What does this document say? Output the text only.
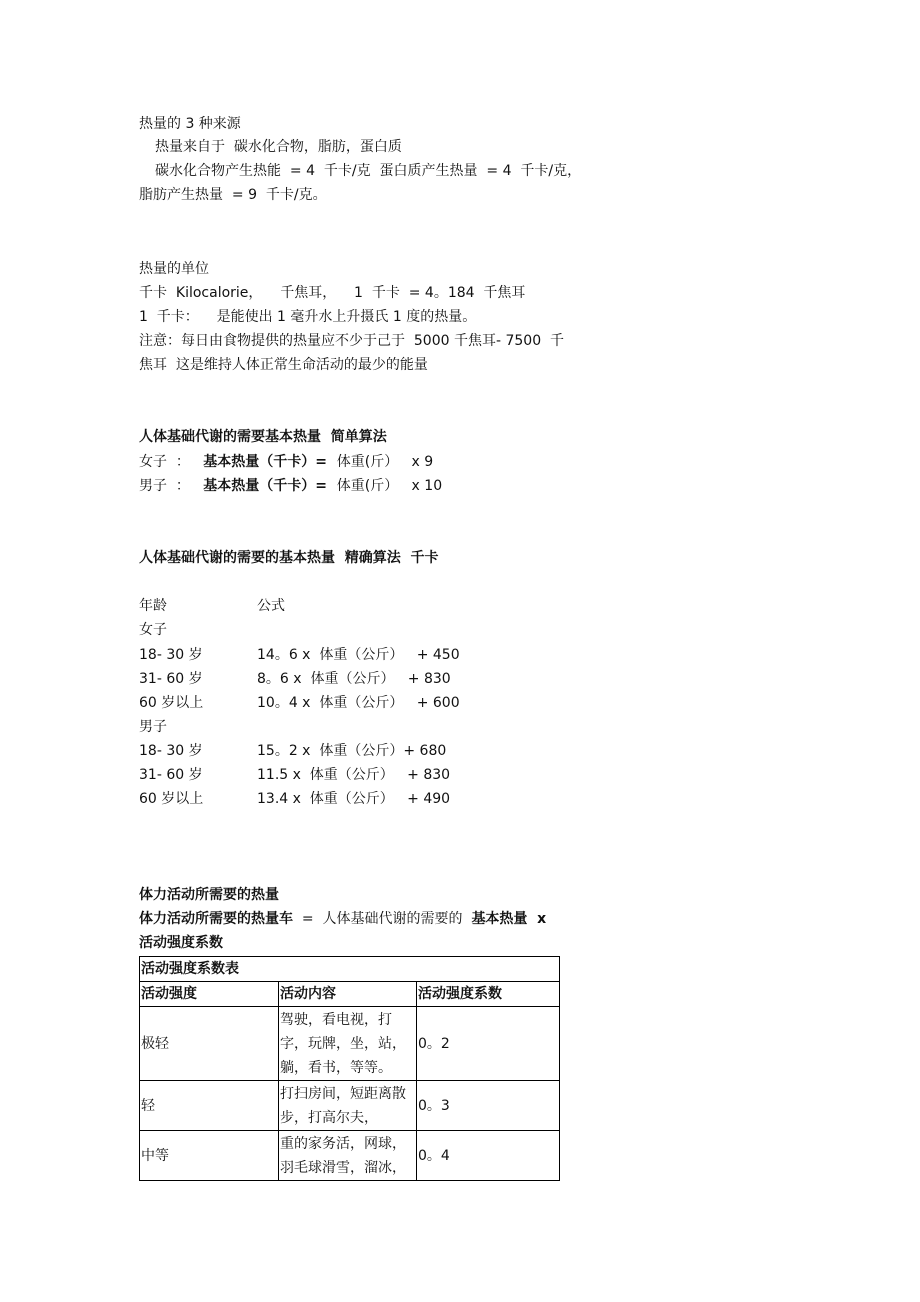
热量的 3 种来源
热量来自于  碳水化合物，脂肪，蛋白质
碳水化合物产生热能  = 4  千卡/克  蛋白质产生热量  = 4  千卡/克，
脂肪产生热量  = 9  千卡/克。
热量的单位
千卡  Kilocalorie，    千焦耳，    1  千卡  = 4。184  千焦耳
1  千卡：    是能使出 1 毫升水上升摄氏 1 度的热量。
注意：每日由食物提供的热量应不少于己于  5000 千焦耳- 7500  千
焦耳  这是维持人体正常生命活动的最少的能量
人体基础代谢的需要基本热量  简单算法
女子  ：   基本热量（千卡）=  体重(斤）   x 9
男子  ：   基本热量（千卡）=  体重(斤）   x 10
人体基础代谢的需要的基本热量  精确算法  千卡
年龄	公式
女子
18- 30 岁	14。6 x  体重（公斤）   + 450
31- 60 岁	8。6 x  体重（公斤）   + 830
60 岁以上	10。4 x  体重（公斤）   + 600
男子
18- 30 岁	15。2 x  体重（公斤）+ 680
31- 60 岁	11.5 x  体重（公斤）   + 830
60 岁以上	13.4 x  体重（公斤）   + 490
体力活动所需要的热量
体力活动所需要的热量车  =  人体基础代谢的需要的  基本热量  x
活动强度系数
活动强度系数表		
活动强度	活动内容	活动强度系数
极轻	驾驶，看电视，打字，玩牌，坐，站，躺，看书，等等。	0。2
轻	打扫房间，短距离散步，打高尔夫，	0。3
中等	重的家务活，网球，羽毛球滑雪，溜冰，	0。4
